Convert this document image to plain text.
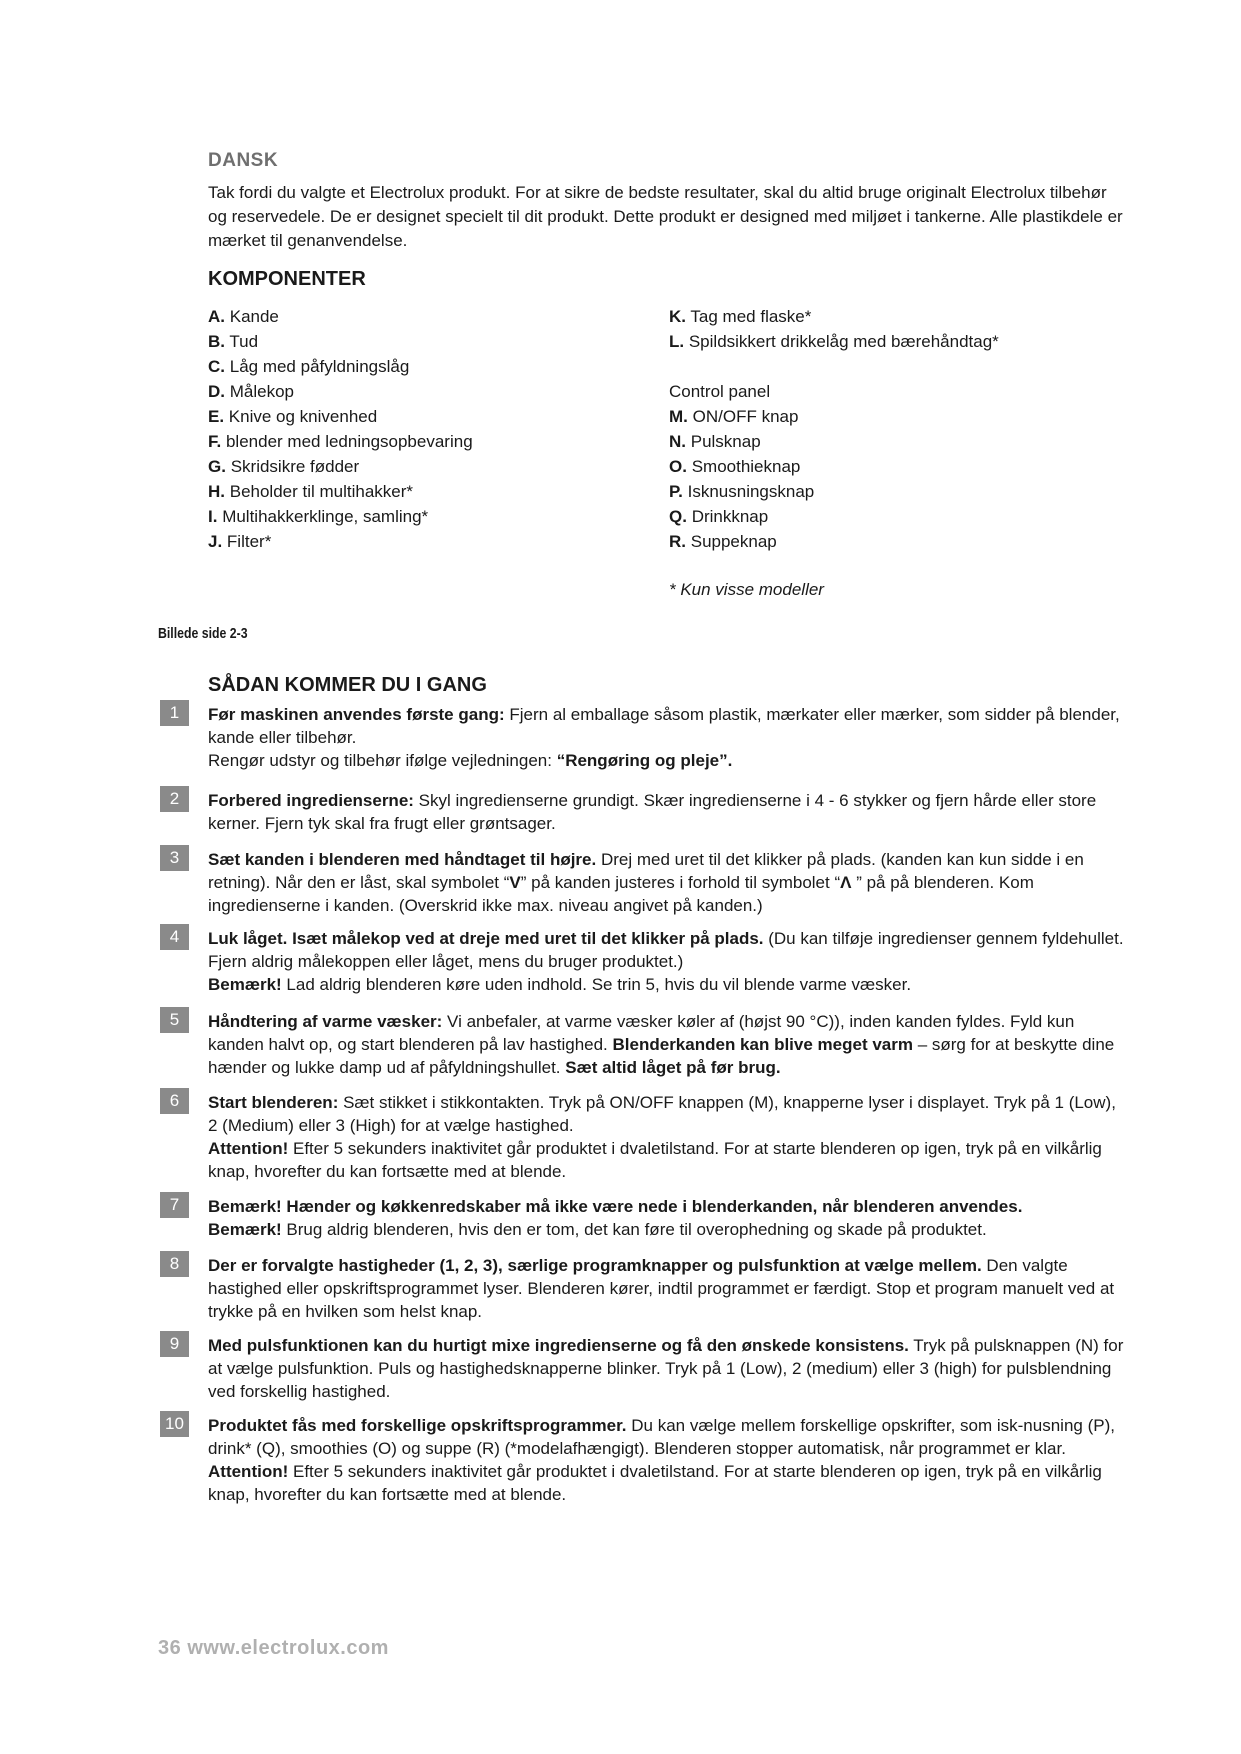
DANSK
Tak fordi du valgte et Electrolux produkt. For at sikre de bedste resultater, skal du altid bruge originalt Electrolux tilbehør og reservedele. De er designet specielt til dit produkt. Dette produkt er designed med miljøet i tankerne. Alle plastikdele er mærket til genanvendelse.
KOMPONENTER
A. Kande
B. Tud
C. Låg med påfyldningslåg
D. Målekop
E. Knive og knivenhed
F. blender med ledningsopbevaring
G. Skridsikre fødder
H. Beholder til multihakker*
I. Multihakkerklinge, samling*
J. Filter*
K. Tag med flaske*
L. Spildsikkert drikkelåg med bærehåndtag*
Control panel
M. ON/OFF knap
N. Pulsknap
O. Smoothieknap
P. Isknusningsknap
Q. Drinkknap
R. Suppeknap
* Kun visse modeller
Billede side 2-3
SÅDAN KOMMER DU I GANG
1	Før maskinen anvendes første gang: Fjern al emballage såsom plastik, mærkater eller mærker, som sidder på blender, kande eller tilbehør.

Rengør udstyr og tilbehør ifølge vejledningen: “Rengøring og pleje”.

2	Forbered ingredienserne: Skyl ingredienserne grundigt. Skær ingredienserne i 4 - 6 stykker og fjern hårde eller store kerner. Fjern tyk skal fra frugt eller grøntsager.

3	Sæt kanden i blenderen med håndtaget til højre. Drej med uret til det klikker på plads. (kanden kan kun sidde i en retning). Når den er låst, skal symbolet “V” på kanden justeres i forhold til symbolet “Λ ” på på blenderen. Kom ingredienserne i kanden. (Overskrid ikke max. niveau angivet på kanden.)

4	Luk låget. Isæt målekop ved at dreje med uret til det klikker på plads. (Du kan tilføje ingredienser gennem fyldehullet. Fjern aldrig målekoppen eller låget, mens du bruger produktet.)

Bemærk! Lad aldrig blenderen køre uden indhold. Se trin 5, hvis du vil blende varme væsker.

5	Håndtering af varme væsker: Vi anbefaler, at varme væsker køler af (højst 90 °C)), inden kanden fyldes. Fyld kun kanden halvt op, og start blenderen på lav hastighed. Blenderkanden kan blive meget varm – sørg for at beskytte dine hænder og lukke damp ud af påfyldningshullet. Sæt altid låget på før brug.

6	Start blenderen: Sæt stikket i stikkontakten. Tryk på ON/OFF knappen (M), knapperne lyser i displayet. Tryk på 1 (Low), 2 (Medium) eller 3 (High) for at vælge hastighed.

Attention! Efter 5 sekunders inaktivitet går produktet i dvaletilstand. For at starte blenderen op igen, tryk på en vilkårlig knap, hvorefter du kan fortsætte med at blende.

7	Bemærk! Hænder og køkkenredskaber må ikke være nede i blenderkanden, når blenderen anvendes.

Bemærk! Brug aldrig blenderen, hvis den er tom, det kan føre til overophedning og skade på produktet.

8	Der er forvalgte hastigheder (1, 2, 3), særlige programknapper og pulsfunktion at vælge mellem. Den valgte hastighed eller opskriftsprogrammet lyser. Blenderen kører, indtil programmet er færdigt. Stop et program manuelt ved at trykke på en hvilken som helst knap.

9	Med pulsfunktionen kan du hurtigt mixe ingredienserne og få den ønskede konsistens. Tryk på pulsknappen (N) for at vælge pulsfunktion. Puls og hastighedsknapperne blinker. Tryk på 1 (Low), 2 (medium) eller 3 (high) for pulsblendning ved forskellig hastighed.

10 Produktet fås med forskellige opskriftsprogrammer. Du kan vælge mellem forskellige opskrifter, som isk-nusning (P), drink* (Q), smoothies (O) og suppe (R) (*modelafhængigt). Blenderen stopper automatisk, når programmet er klar.

Attention! Efter 5 sekunders inaktivitet går produktet i dvaletilstand. For at starte blenderen op igen, tryk på en vilkårlig knap, hvorefter du kan fortsætte med at blende.

36 www.electrolux.com
